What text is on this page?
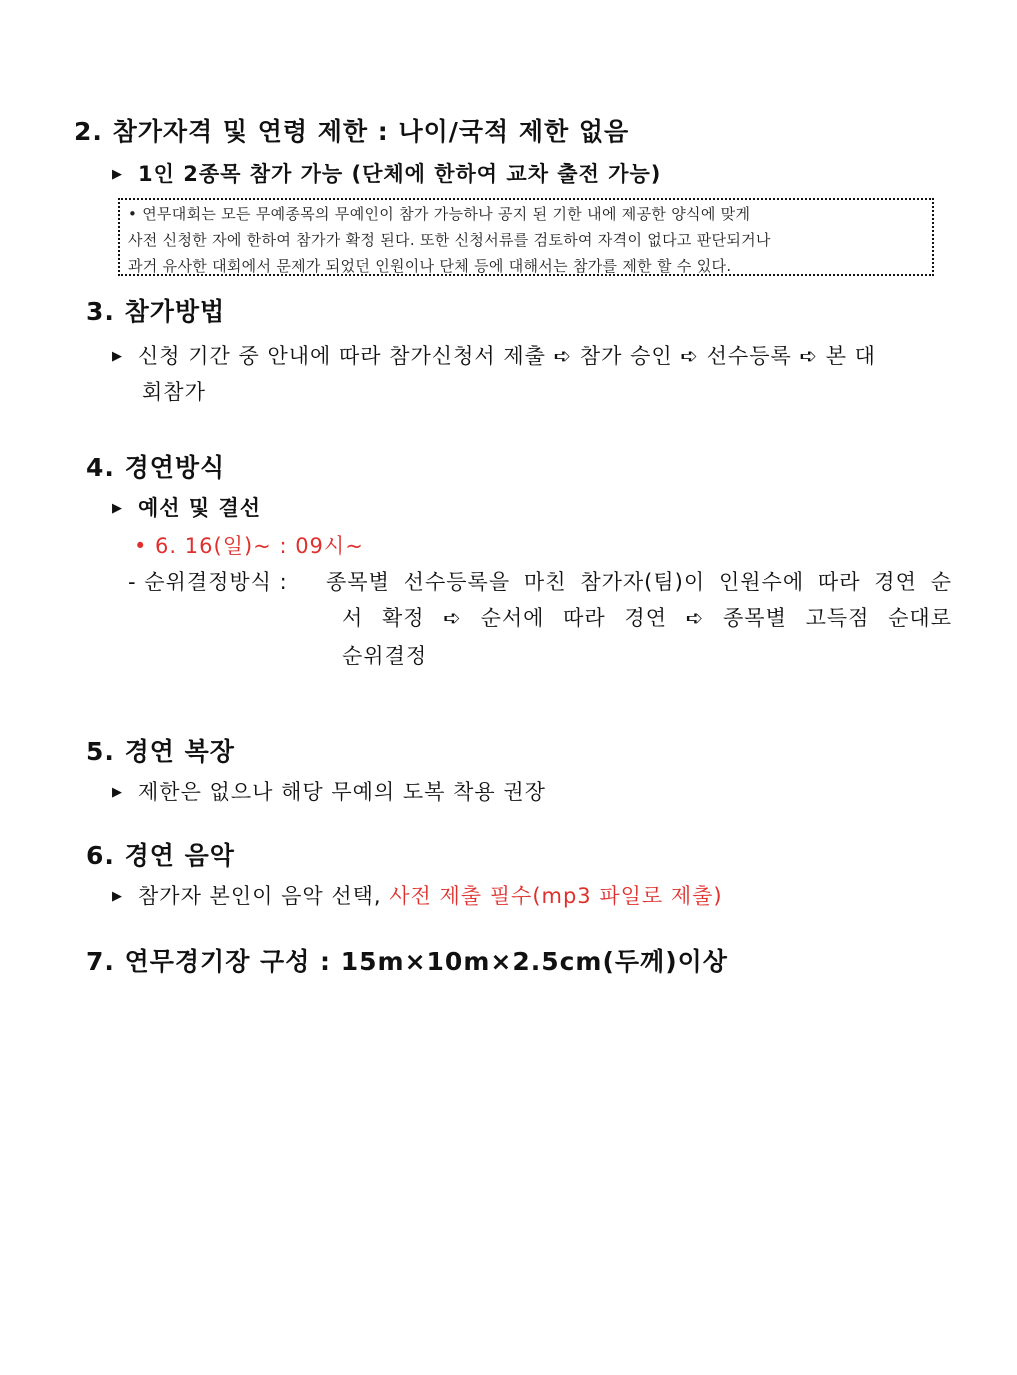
2. 참가자격 및 연령 제한 : 나이/국적 제한 없음
▶ 1인 2종목 참가 가능 (단체에 한하여 교차 출전 가능)

• 연무대회는 모든 무예종목의 무예인이 참가 가능하나 공지 된 기한 내에 제공한 양식에 맞게

사전 신청한 자에 한하여 참가가 확정 된다. 또한 신청서류를 검토하여 자격이 없다고 판단되거나

과거 유사한 대회에서 문제가 되었던 인원이나 단체 등에 대해서는 참가를 제한 할 수 있다.

3. 참가방법
▶ 신청 기간 중 안내에 따라 참가신청서 제출 ➪ 참가 승인 ➪ 선수등록 ➪ 본 대
회참가
4. 경연방식
▶ 예선 및 결선
• 6. 16(일)~ : 09시~
- 순위결정방식 : 종목별 선수등록을 마친 참가자(팀)이 인원수에 따라 경연 순
서 확정 ➪ 순서에 따라 경연 ➪ 종목별 고득점 순대로
순위결정
5. 경연 복장
▶ 제한은 없으나 해당 무예의 도복 착용 권장
6. 경연 음악
▶ 참가자 본인이 음악 선택, 사전 제출 필수(mp3 파일로 제출)
7. 연무경기장 구성 : 15m×10m×2.5cm(두께)이상
